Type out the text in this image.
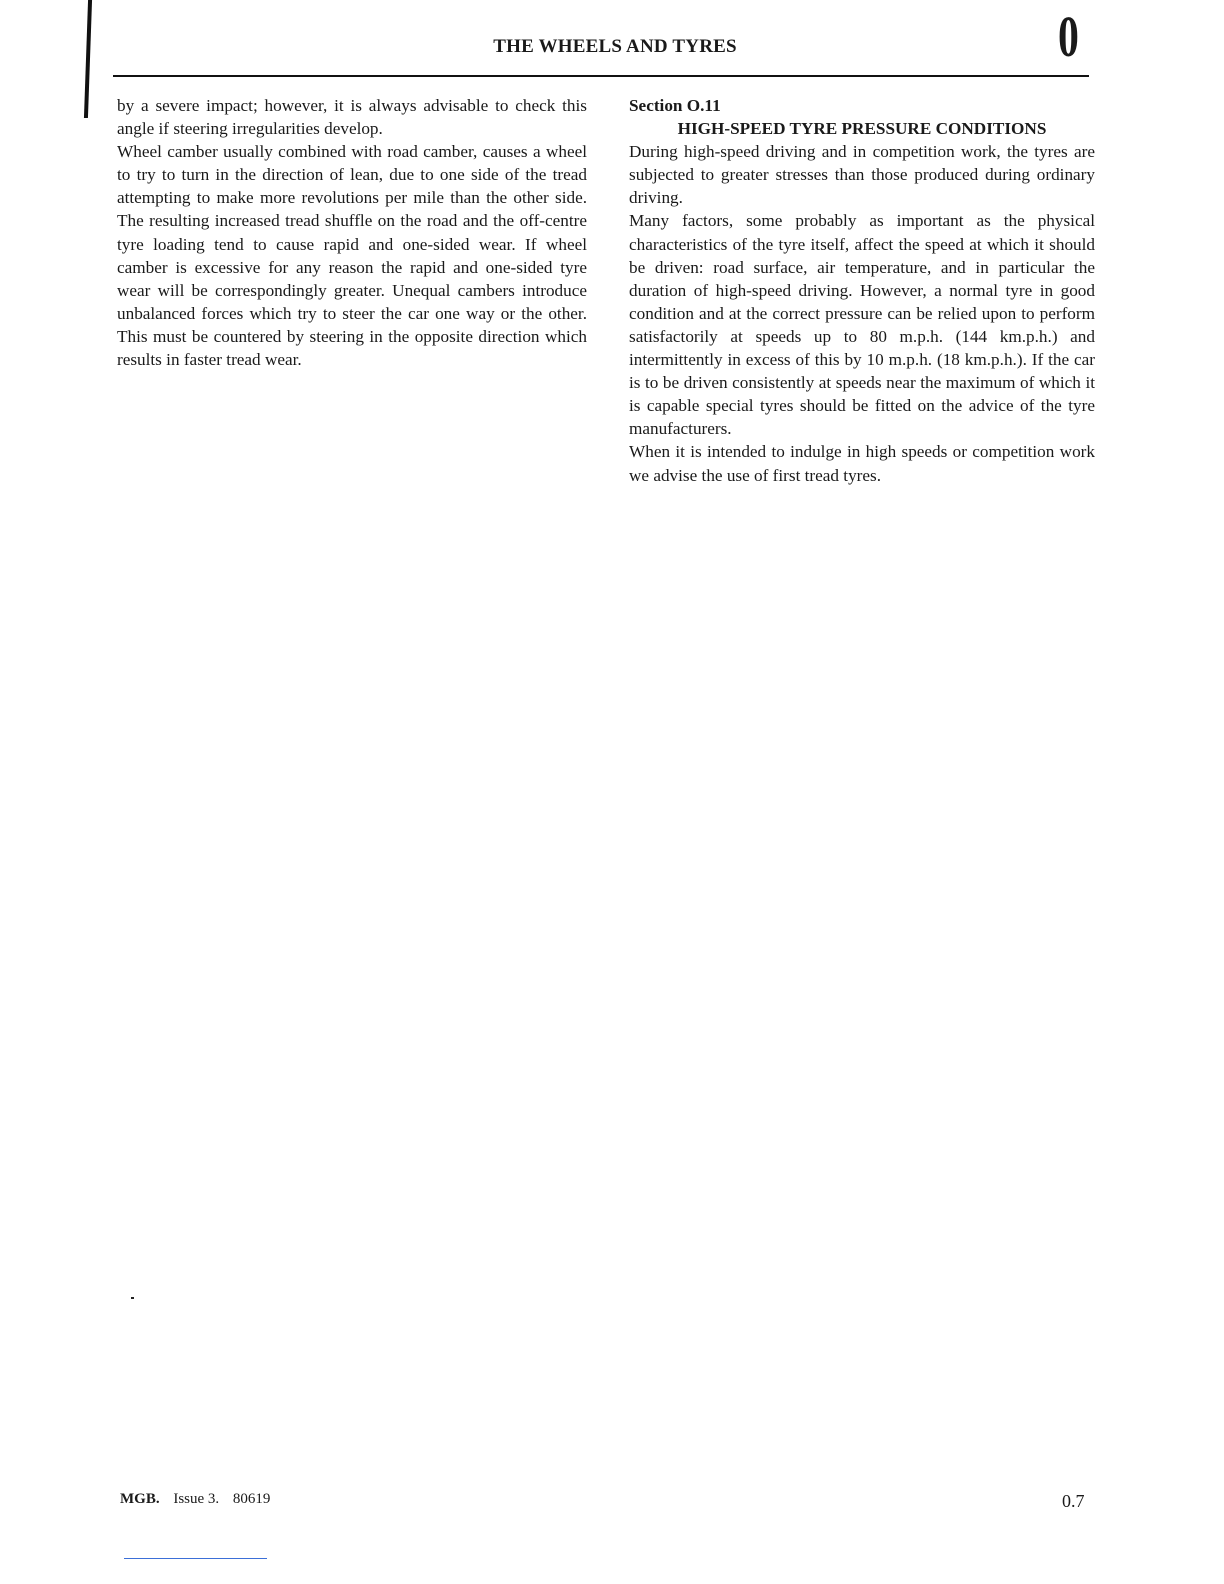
THE WHEELS AND TYRES	0

by a severe impact; however, it is always advisable to check this angle if steering irregularities develop.

Wheel camber usually combined with road camber, causes a wheel to try to turn in the direction of lean, due to one side of the tread attempting to make more revolutions per mile than the other side. The resulting increased tread shuffle on the road and the off-centre tyre loading tend to cause rapid and one-sided wear. If wheel camber is excessive for any reason the rapid and one-sided tyre wear will be correspondingly greater. Unequal cambers introduce unbalanced forces which try to steer the car one way or the other. This must be countered by steering in the opposite direction which results in faster tread wear.

Section O.11

HIGH-SPEED TYRE PRESSURE CONDITIONS

During high-speed driving and in competition work, the tyres are subjected to greater stresses than those produced during ordinary driving.

Many factors, some probably as important as the physical characteristics of the tyre itself, affect the speed at which it should be driven: road surface, air temperature, and in particular the duration of high-speed driving. However, a normal tyre in good condition and at the correct pressure can be relied upon to perform satisfactorily at speeds up to 80 m.p.h. (144 km.p.h.) and intermittently in excess of this by 10 m.p.h. (18 km.p.h.). If the car is to be driven consistently at speeds near the maximum of which it is capable special tyres should be fitted on the advice of the tyre manufacturers.

When it is intended to indulge in high speeds or competition work we advise the use of first tread tyres.

MGB. Issue 3. 80619	0.7
